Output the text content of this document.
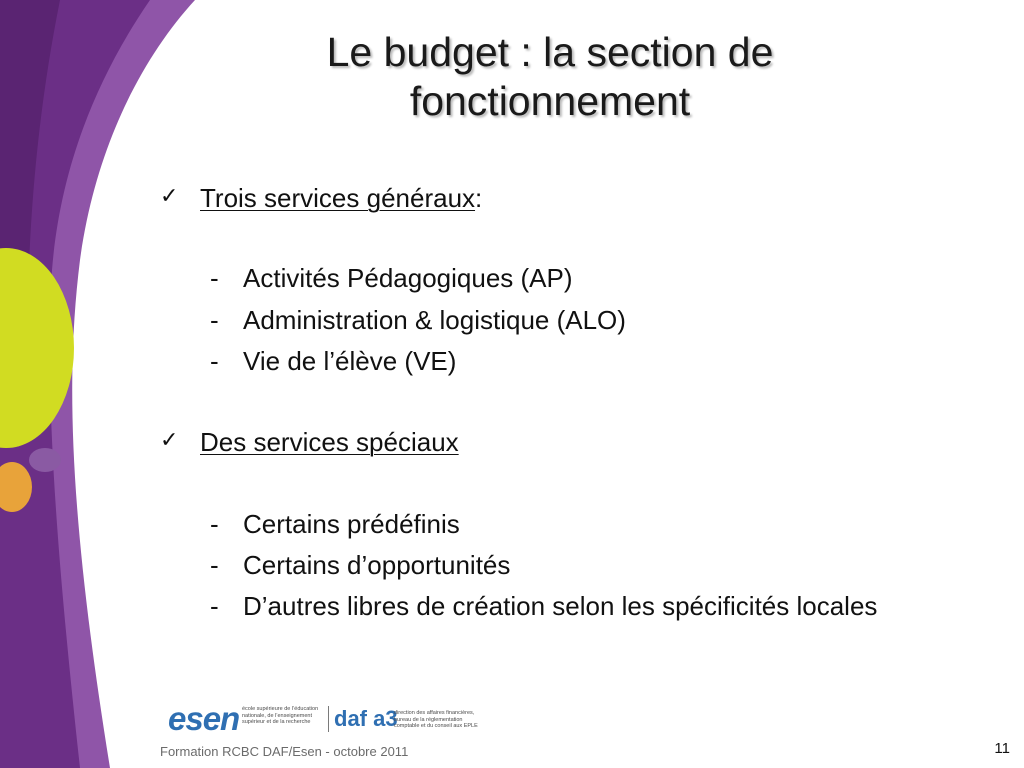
Le budget : la section de fonctionnement
✓ Trois services généraux:
- Activités Pédagogiques (AP)
- Administration & logistique (ALO)
- Vie de l’élève (VE)
✓ Des services spéciaux
- Certains prédéfinis
- Certains d’opportunités
- D’autres libres de création selon les spécificités locales
esen école supérieure de l’éducation nationale, de l’enseignement supérieur et de la recherche	daf a3
direction des affaires financières, bureau de la réglementation comptable et du conseil aux EPLE
Formation RCBC DAF/Esen - octobre 2011	11
